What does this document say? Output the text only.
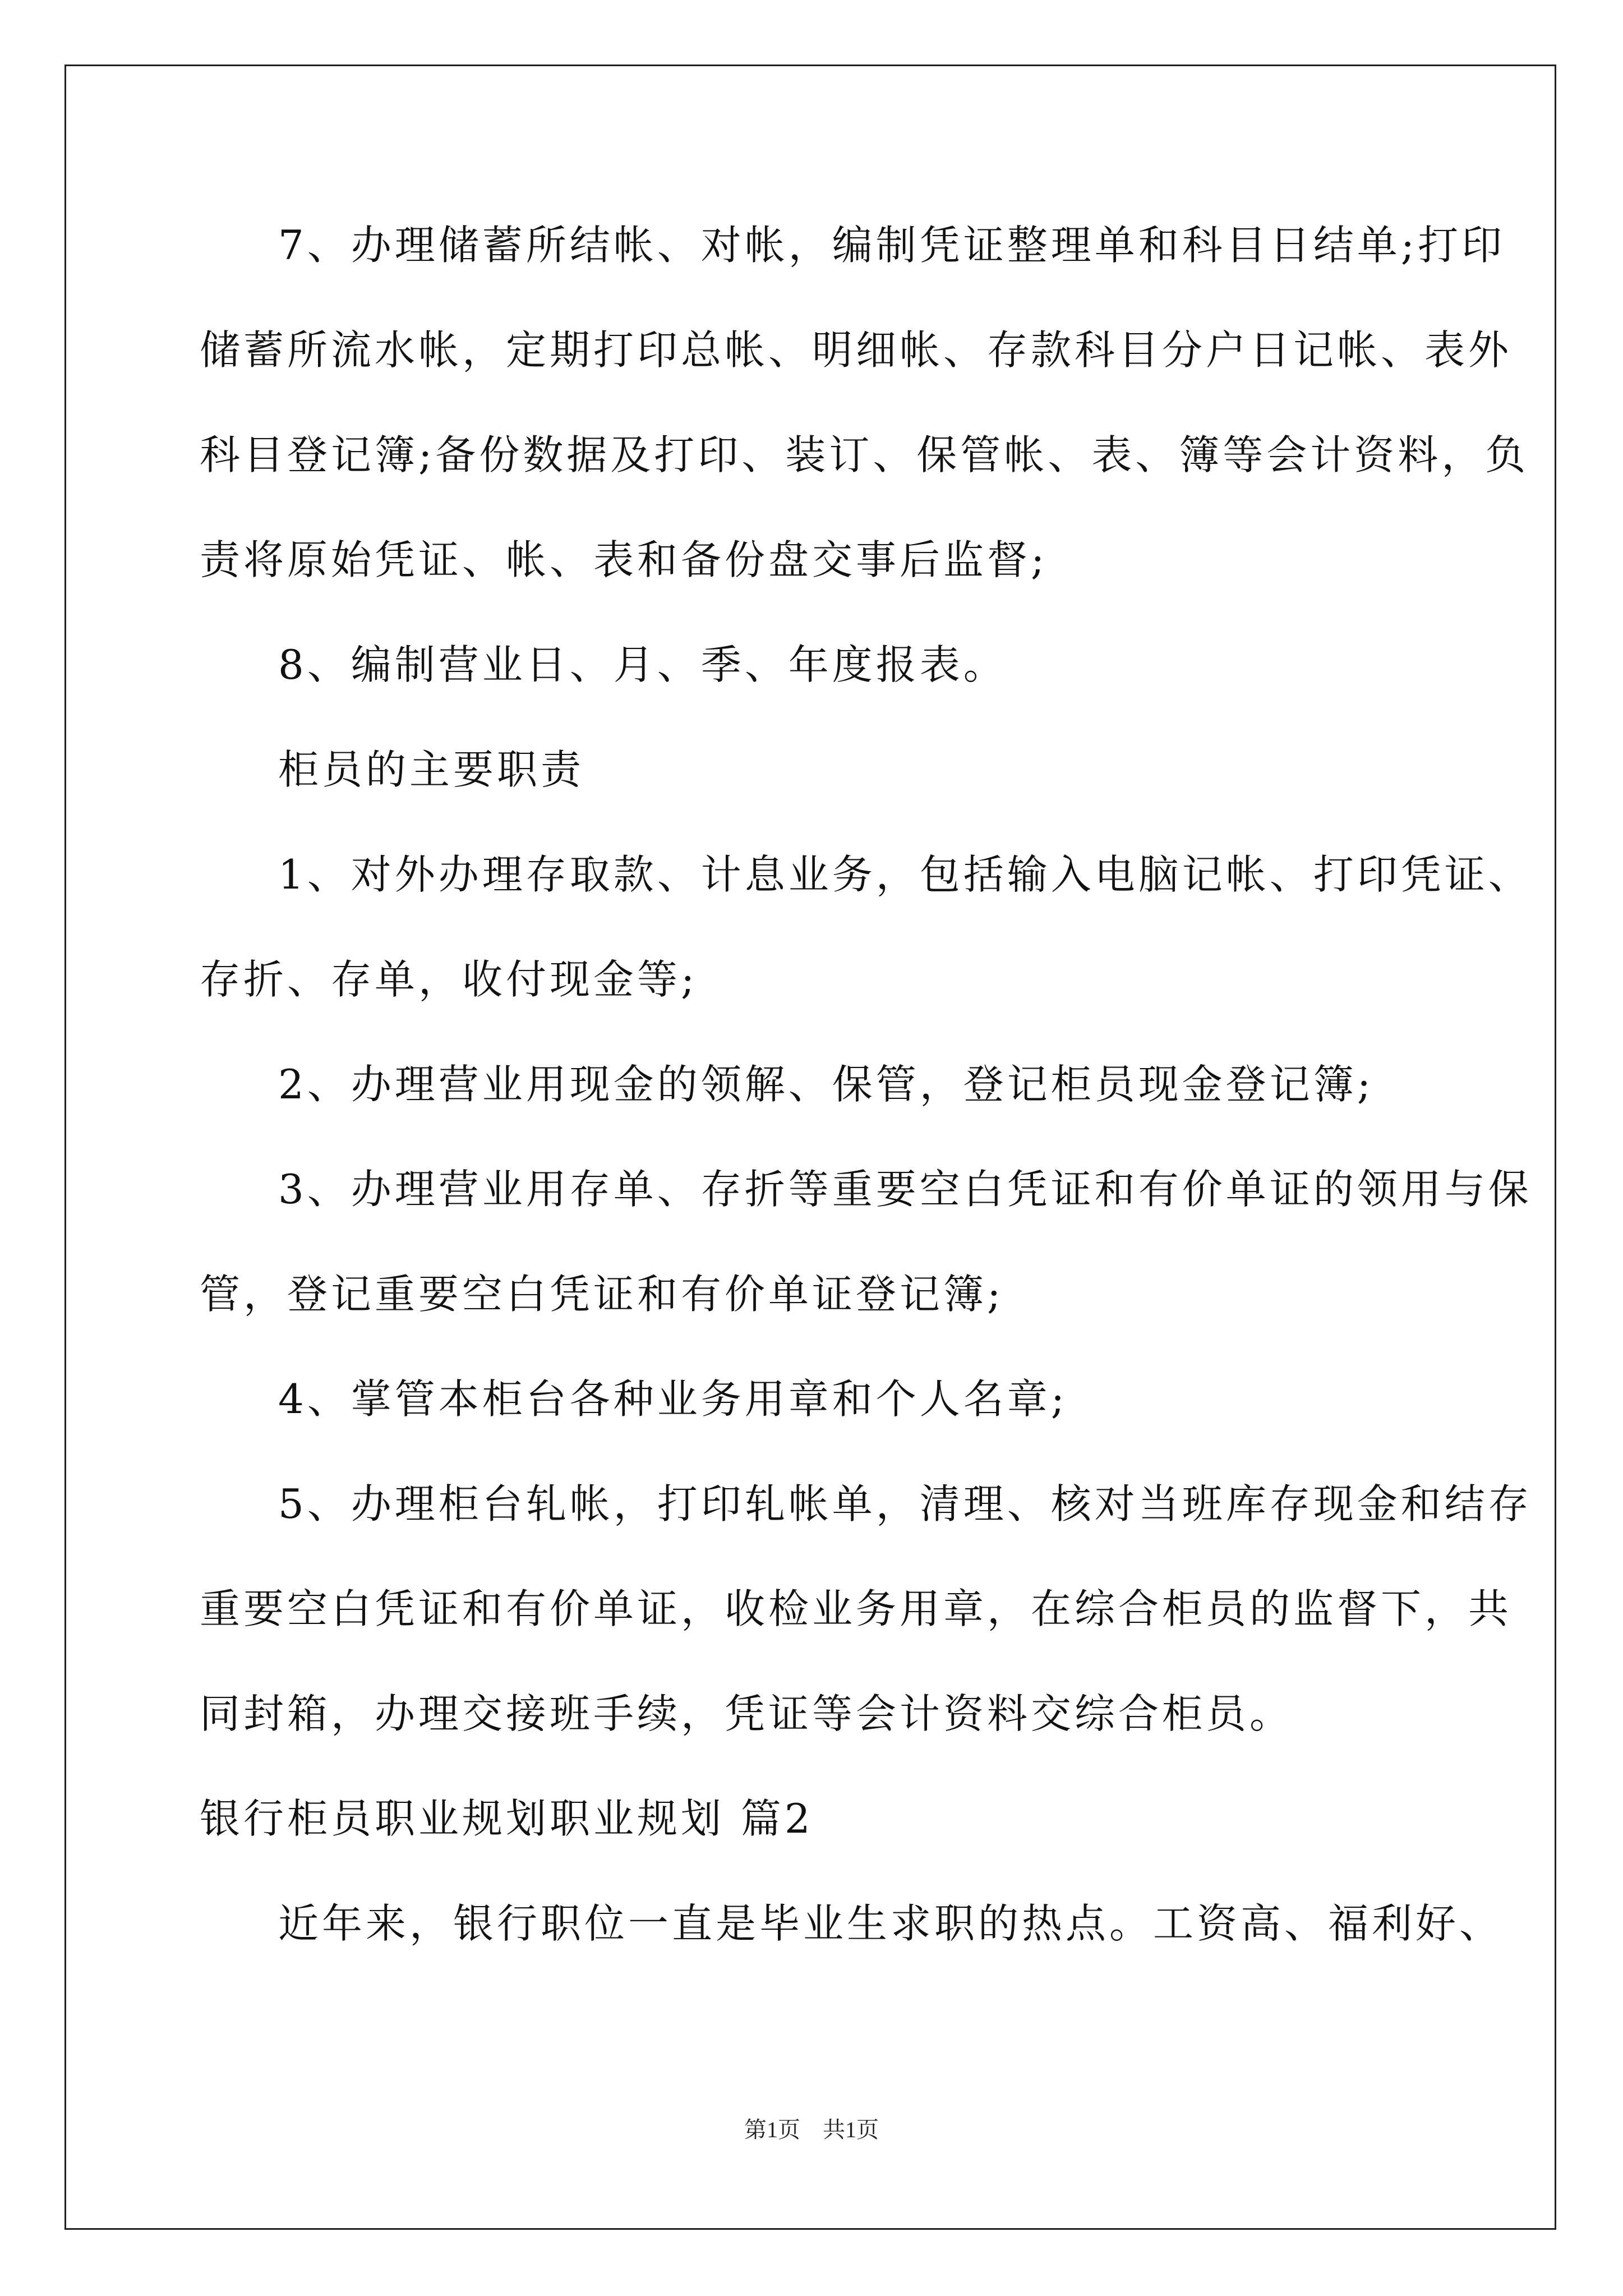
7、办理储蓄所结帐、对帐，编制凭证整理单和科目日结单;打印
储蓄所流水帐，定期打印总帐、明细帐、存款科目分户日记帐、表外
科目登记簿;备份数据及打印、装订、保管帐、表、簿等会计资料，负
责将原始凭证、帐、表和备份盘交事后监督;
8、编制营业日、月、季、年度报表。
柜员的主要职责
1、对外办理存取款、计息业务，包括输入电脑记帐、打印凭证、
存折、存单，收付现金等;
2、办理营业用现金的领解、保管，登记柜员现金登记簿;
3、办理营业用存单、存折等重要空白凭证和有价单证的领用与保
管，登记重要空白凭证和有价单证登记簿;
4、掌管本柜台各种业务用章和个人名章;
5、办理柜台轧帐，打印轧帐单，清理、核对当班库存现金和结存
重要空白凭证和有价单证，收检业务用章，在综合柜员的监督下，共
同封箱，办理交接班手续，凭证等会计资料交综合柜员。
银行柜员职业规划职业规划 篇2
近年来，银行职位一直是毕业生求职的热点。工资高、福利好、
第1页 共1页
